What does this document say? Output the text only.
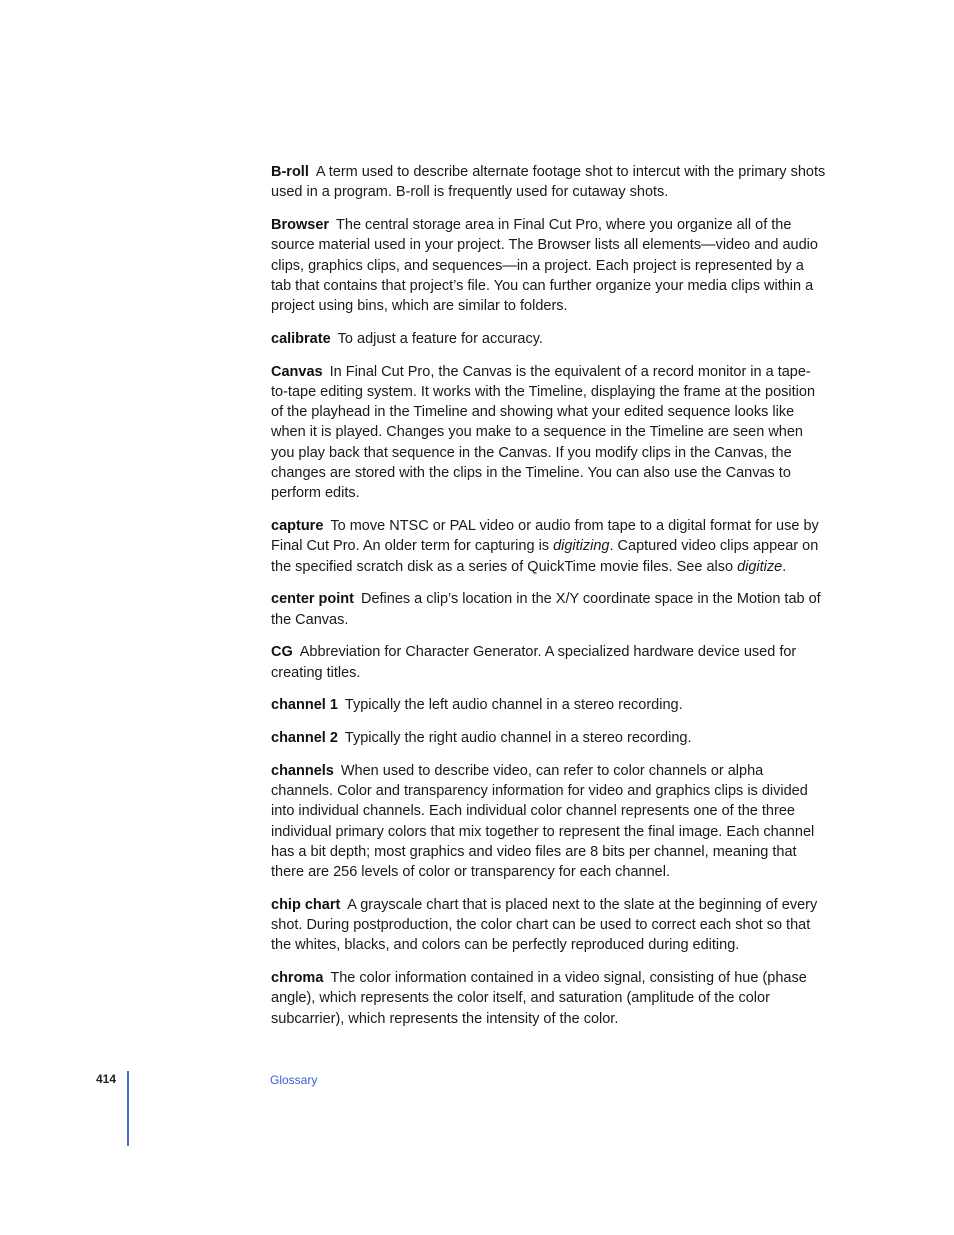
B-roll A term used to describe alternate footage shot to intercut with the primary shots used in a program. B-roll is frequently used for cutaway shots.

Browser The central storage area in Final Cut Pro, where you organize all of the source material used in your project. The Browser lists all elements—video and audio clips, graphics clips, and sequences—in a project. Each project is represented by a tab that contains that project’s file. You can further organize your media clips within a project using bins, which are similar to folders.

calibrate To adjust a feature for accuracy.

Canvas In Final Cut Pro, the Canvas is the equivalent of a record monitor in a tape-to-tape editing system. It works with the Timeline, displaying the frame at the position of the playhead in the Timeline and showing what your edited sequence looks like when it is played. Changes you make to a sequence in the Timeline are seen when you play back that sequence in the Canvas. If you modify clips in the Canvas, the changes are stored with the clips in the Timeline. You can also use the Canvas to perform edits.

capture To move NTSC or PAL video or audio from tape to a digital format for use by Final Cut Pro. An older term for capturing is digitizing. Captured video clips appear on the specified scratch disk as a series of QuickTime movie files. See also digitize.

center point Defines a clip’s location in the X/Y coordinate space in the Motion tab of the Canvas.

CG Abbreviation for Character Generator. A specialized hardware device used for creating titles.

channel 1 Typically the left audio channel in a stereo recording.

channel 2 Typically the right audio channel in a stereo recording.

channels When used to describe video, can refer to color channels or alpha channels. Color and transparency information for video and graphics clips is divided into individual channels. Each individual color channel represents one of the three individual primary colors that mix together to represent the final image. Each channel has a bit depth; most graphics and video files are 8 bits per channel, meaning that there are 256 levels of color or transparency for each channel.

chip chart A grayscale chart that is placed next to the slate at the beginning of every shot. During postproduction, the color chart can be used to correct each shot so that the whites, blacks, and colors can be perfectly reproduced during editing.

chroma The color information contained in a video signal, consisting of hue (phase angle), which represents the color itself, and saturation (amplitude of the color subcarrier), which represents the intensity of the color.

414	Glossary
